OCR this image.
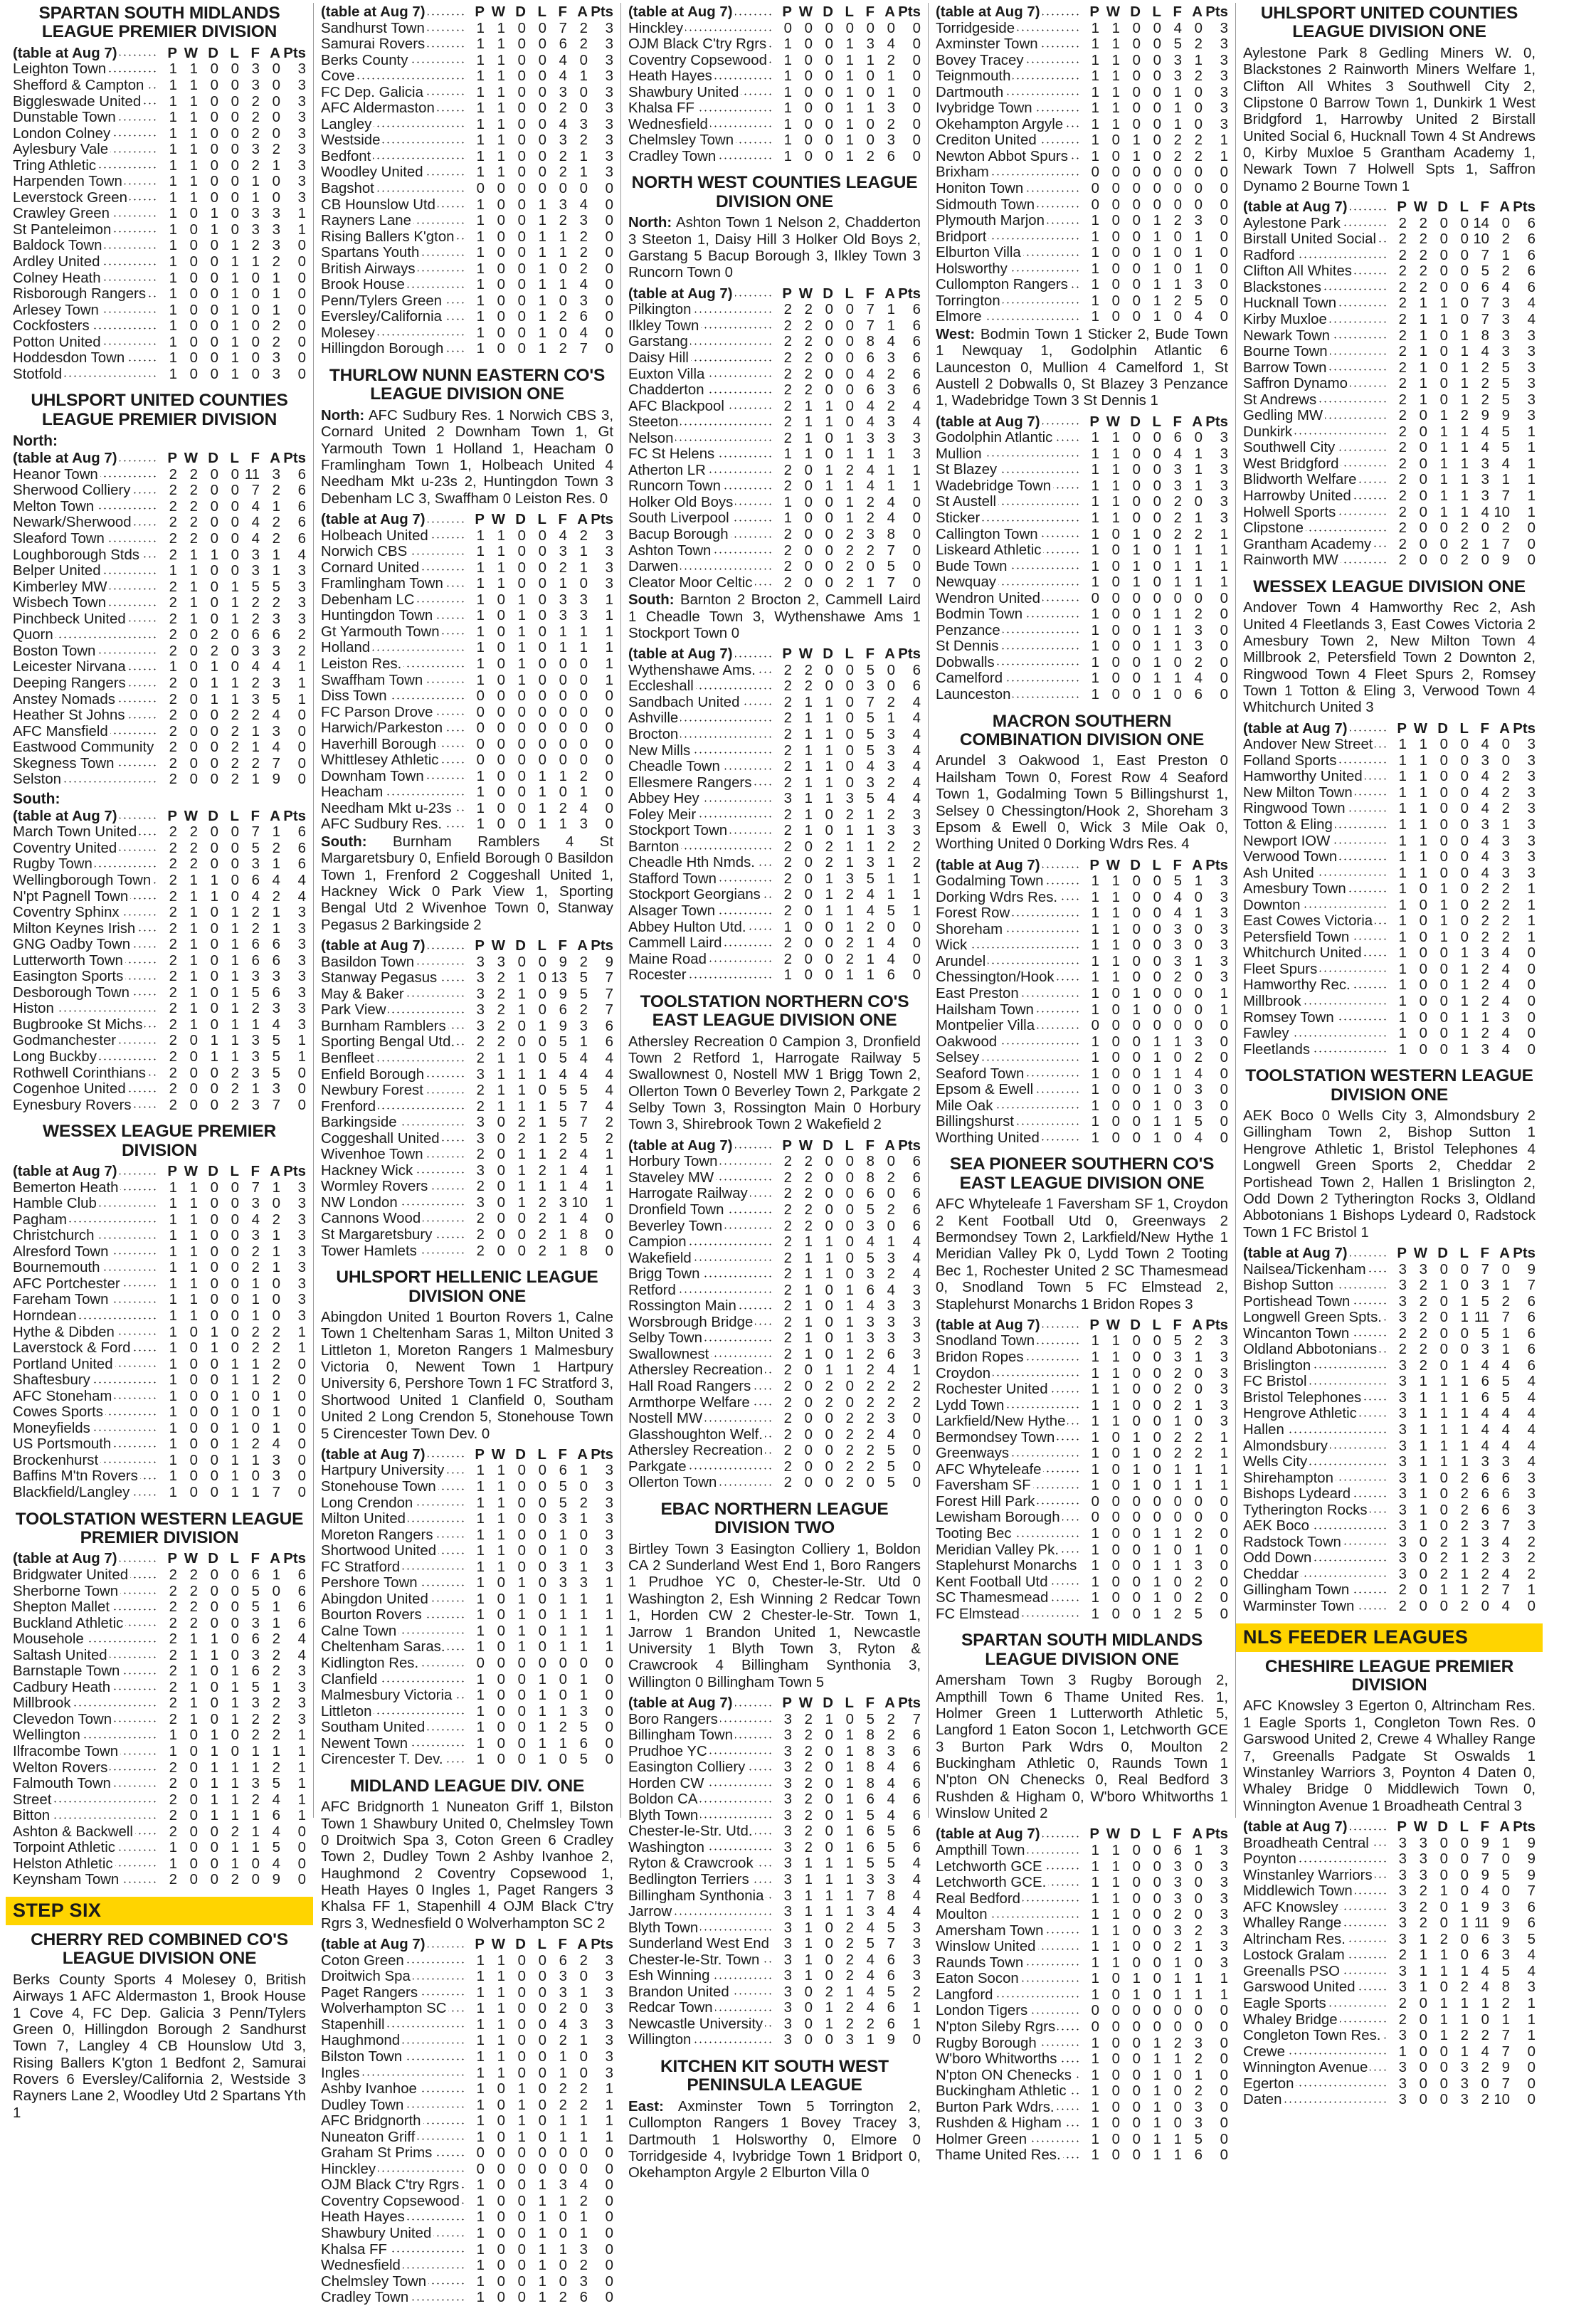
SPARTAN SOUTH MIDLANDS LEAGUE PREMIER DIVISION
(table at Aug 7)	P	W	D	L	F	A	Pts
Leighton Town	1	1	0	0	3	0	3
Shefford & Campton	1	1	0	0	3	0	3
Biggleswade United	1	1	0	0	2	0	3
Dunstable Town	1	1	0	0	2	0	3
London Colney	1	1	0	0	2	0	3
Aylesbury Vale	1	1	0	0	3	2	3
Tring Athletic	1	1	0	0	2	1	3
Harpenden Town	1	1	0	0	1	0	3
Leverstock Green	1	1	0	0	1	0	3
Crawley Green	1	0	1	0	3	3	1
St Panteleimon	1	0	1	0	3	3	1
Baldock Town	1	0	0	1	2	3	0
Ardley United	1	0	0	1	1	2	0
Colney Heath	1	0	0	1	0	1	0
Risborough Rangers	1	0	0	1	0	1	0
Arlesey Town	1	0	0	1	0	1	0
Cockfosters	1	0	0	1	0	2	0
Potton United	1	0	0	1	0	2	0
Hoddesdon Town	1	0	0	1	0	3	0
Stotfold	1	0	0	1	0	3	0
UHLSPORT UNITED COUNTIES LEAGUE PREMIER DIVISION
North:
(table at Aug 7)	P	W	D	L	F	A	Pts
Heanor Town	2	2	0	0	11	3	6
Sherwood Colliery	2	2	0	0	7	2	6
Melton Town	2	2	0	0	4	1	6
Newark/Sherwood	2	2	0	0	4	2	6
Sleaford Town	2	2	0	0	4	2	6
Loughborough Stds	2	1	1	0	3	1	4
Belper United	1	1	0	0	3	1	3
Kimberley MW	2	1	0	1	5	5	3
Wisbech Town	2	1	0	1	2	2	3
Pinchbeck United	2	1	0	1	2	3	3
Quorn	2	0	2	0	6	6	2
Boston Town	2	0	2	0	3	3	2
Leicester Nirvana	1	0	1	0	4	4	1
Deeping Rangers	2	0	1	1	2	3	1
Anstey Nomads	2	0	1	1	3	5	1
Heather St Johns	2	0	0	2	2	4	0
AFC Mansfield	2	0	0	2	1	3	0
Eastwood Community	2	0	0	2	1	4	0
Skegness Town	2	0	0	2	2	7	0
Selston	2	0	0	2	1	9	0
South:
(table at Aug 7)	P	W	D	L	F	A	Pts
March Town United	2	2	0	0	7	1	6
Coventry United	2	2	0	0	5	2	6
Rugby Town	2	2	0	0	3	1	6
Wellingborough Town	2	1	1	0	6	4	4
N'pt Pagnell Town	2	1	1	0	4	2	4
Coventry Sphinx	2	1	0	1	2	1	3
Milton Keynes Irish	2	1	0	1	2	1	3
GNG Oadby Town	2	1	0	1	6	6	3
Lutterworth Town	2	1	0	1	6	6	3
Easington Sports	2	1	0	1	3	3	3
Desborough Town	2	1	0	1	5	6	3
Histon	2	1	0	1	2	3	3
Bugbrooke St Michs	2	1	0	1	1	4	3
Godmanchester	2	0	1	1	3	5	1
Long Buckby	2	0	1	1	3	5	1
Rothwell Corinthians	2	0	0	2	3	5	0
Cogenhoe United	2	0	0	2	1	3	0
Eynesbury Rovers	2	0	0	2	3	7	0
WESSEX LEAGUE PREMIER DIVISION
(table at Aug 7)	P	W	D	L	F	A	Pts
Bemerton Heath	1	1	0	0	7	1	3
Hamble Club	1	1	0	0	3	0	3
Pagham	1	1	0	0	4	2	3
Christchurch	1	1	0	0	3	1	3
Alresford Town	1	1	0	0	2	1	3
Bournemouth	1	1	0	0	2	1	3
AFC Portchester	1	1	0	0	1	0	3
Fareham Town	1	1	0	0	1	0	3
Horndean	1	1	0	0	1	0	3
Hythe & Dibden	1	0	1	0	2	2	1
Laverstock & Ford	1	0	1	0	2	2	1
Portland United	1	0	0	1	1	2	0
Shaftesbury	1	0	0	1	1	2	0
AFC Stoneham	1	0	0	1	0	1	0
Cowes Sports	1	0	0	1	0	1	0
Moneyfields	1	0	0	1	0	1	0
US Portsmouth	1	0	0	1	2	4	0
Brockenhurst	1	0	0	1	1	3	0
Baffins M'tn Rovers	1	0	0	1	0	3	0
Blackfield/Langley	1	0	0	1	1	7	0
TOOLSTATION WESTERN LEAGUE PREMIER DIVISION
(table at Aug 7)	P	W	D	L	F	A	Pts
Bridgwater United	2	2	0	0	6	1	6
Sherborne Town	2	2	0	0	5	0	6
Shepton Mallet	2	2	0	0	5	1	6
Buckland Athletic	2	2	0	0	3	1	6
Mousehole	2	1	1	0	6	2	4
Saltash United	2	1	1	0	3	2	4
Barnstaple Town	2	1	0	1	6	2	3
Cadbury Heath	2	1	0	1	5	1	3
Millbrook	2	1	0	1	3	2	3
Clevedon Town	2	1	0	1	2	2	3
Wellington	1	0	1	0	2	2	1
Ilfracombe Town	1	0	1	0	1	1	1
Welton Rovers	2	0	1	1	1	2	1
Falmouth Town	2	0	1	1	3	5	1
Street	2	0	1	1	2	4	1
Bitton	2	0	1	1	1	6	1
Ashton & Backwell	2	0	0	2	1	4	0
Torpoint Athletic	1	0	0	1	1	5	0
Helston Athletic	1	0	0	1	0	4	0
Keynsham Town	2	0	0	2	0	9	0
STEP SIX
CHERRY RED COMBINED CO'S LEAGUE DIVISION ONE
Berks County Sports 4 Molesey 0, British Airways 1 AFC Aldermaston 1, Brook House 1 Cove 4, FC Dep. Galicia 3 Penn/Tylers Green 0, Hillingdon Borough 2 Sandhurst Town 7, Langley 4 CB Hounslow Utd 3, Rising Ballers K'gton 1 Bedfont 2, Samurai Rovers 6 Eversley/California 2, Westside 3 Rayners Lane 2, Woodley Utd 2 Spartans Yth 1
(table at Aug 7)	P	W	D	L	F	A	Pts
Sandhurst Town	1	1	0	0	7	2	3
Samurai Rovers	1	1	0	0	6	2	3
Berks County	1	1	0	0	4	0	3
Cove	1	1	0	0	4	1	3
FC Dep. Galicia	1	1	0	0	3	0	3
AFC Aldermaston	1	1	0	0	2	0	3
Langley	1	1	0	0	4	3	3
Westside	1	1	0	0	3	2	3
Bedfont	1	1	0	0	2	1	3
Woodley United	1	1	0	0	2	1	3
Bagshot	0	0	0	0	0	0	0
CB Hounslow Utd	1	0	0	1	3	4	0
Rayners Lane	1	0	0	1	2	3	0
Rising Ballers K'gton	1	0	0	1	1	2	0
Spartans Youth	1	0	0	1	1	2	0
British Airways	1	0	0	1	0	2	0
Brook House	1	0	0	1	1	4	0
Penn/Tylers Green	1	0	0	1	0	3	0
Eversley/California	1	0	0	1	2	6	0
Molesey	1	0	0	1	0	4	0
Hillingdon Borough	1	0	0	1	2	7	0
THURLOW NUNN EASTERN CO'S LEAGUE DIVISION ONE
North: AFC Sudbury Res. 1 Norwich CBS 3, Cornard United 2 Downham Town 1, Gt Yarmouth Town 1 Holland 1, Heacham 0 Framlingham Town 1, Holbeach United 4 Needham Mkt u-23s 2, Huntingdon Town 3 Debenham LC 3, Swaffham 0 Leiston Res. 0
(table at Aug 7)	P	W	D	L	F	A	Pts
Holbeach United	1	1	0	0	4	2	3
Norwich CBS	1	1	0	0	3	1	3
Cornard United	1	1	0	0	2	1	3
Framlingham Town	1	1	0	0	1	0	3
Debenham LC	1	0	1	0	3	3	1
Huntingdon Town	1	0	1	0	3	3	1
Gt Yarmouth Town	1	0	1	0	1	1	1
Holland	1	0	1	0	1	1	1
Leiston Res.	1	0	1	0	0	0	1
Swaffham Town	1	0	1	0	0	0	1
Diss Town	0	0	0	0	0	0	0
FC Parson Drove	0	0	0	0	0	0	0
Harwich/Parkeston	0	0	0	0	0	0	0
Haverhill Borough	0	0	0	0	0	0	0
Whittlesey Athletic	0	0	0	0	0	0	0
Downham Town	1	0	0	1	1	2	0
Heacham	1	0	0	1	0	1	0
Needham Mkt u-23s	1	0	0	1	2	4	0
AFC Sudbury Res.	1	0	0	1	1	3	0
South: Burnham Ramblers 4 St Margaretsbury 0, Enfield Borough 0 Basildon Town 1, Frenford 2 Coggeshall United 1, Hackney Wick 0 Park View 1, Sporting Bengal Utd 2 Wivenhoe Town 0, Stanway Pegasus 2 Barkingside 2
(table at Aug 7)	P	W	D	L	F	A	Pts
Basildon Town	3	3	0	0	9	2	9
Stanway Pegasus	3	2	1	0	13	5	7
May & Baker	3	2	1	0	9	5	7
Park View	3	2	1	0	6	2	7
Burnham Ramblers	3	2	0	1	9	3	6
Sporting Bengal Utd.	2	2	0	0	5	1	6
Benfleet	2	1	1	0	5	4	4
Enfield Borough	3	1	1	1	4	4	4
Newbury Forest	2	1	1	0	5	5	4
Frenford	2	1	1	1	5	7	4
Barkingside	3	0	2	1	5	7	2
Coggeshall United	3	0	2	1	2	5	2
Wivenhoe Town	2	0	1	1	2	4	1
Hackney Wick	3	0	1	2	1	4	1
Wormley Rovers	2	0	1	1	1	4	1
NW London	3	0	1	2	3	10	1
Cannons Wood	2	0	0	2	1	4	0
St Margaretsbury	2	0	0	2	1	8	0
Tower Hamlets	2	0	0	2	1	8	0
UHLSPORT HELLENIC LEAGUE DIVISION ONE
Abingdon United 1 Bourton Rovers 1, Calne Town 1 Cheltenham Saras 1, Milton United 3 Littleton 1, Moreton Rangers 1 Malmesbury Victoria 0, Newent Town 1 Hartpury University 6, Pershore Town 1 FC Stratford 3, Shortwood United 1 Clanfield 0, Southam United 2 Long Crendon 5, Stonehouse Town 5 Cirencester Town Dev. 0
(table at Aug 7)	P	W	D	L	F	A	Pts
Hartpury University	1	1	0	0	6	1	3
Stonehouse Town	1	1	0	0	5	0	3
Long Crendon	1	1	0	0	5	2	3
Milton United	1	1	0	0	3	1	3
Moreton Rangers	1	1	0	0	1	0	3
Shortwood United	1	1	0	0	1	0	3
FC Stratford	1	1	0	0	3	1	3
Pershore Town	1	0	1	0	3	3	1
Abingdon United	1	0	1	0	1	1	1
Bourton Rovers	1	0	1	0	1	1	1
Calne Town	1	0	1	0	1	1	1
Cheltenham Saras.	1	0	1	0	1	1	1
Kidlington Res.	0	0	0	0	0	0	0
Clanfield	1	0	0	1	0	1	0
Malmesbury Victoria	1	0	0	1	0	1	0
Littleton	1	0	0	1	1	3	0
Southam United	1	0	0	1	2	5	0
Newent Town	1	0	0	1	1	6	0
Cirencester T. Dev.	1	0	0	1	0	5	0
MIDLAND LEAGUE DIV. ONE
AFC Bridgnorth 1 Nuneaton Griff 1, Bilston Town 1 Shawbury United 0, Chelmsley Town 0 Droitwich Spa 3, Coton Green 6 Cradley Town 2, Dudley Town 2 Ashby Ivanhoe 2, Haughmond 2 Coventry Copsewood 1, Heath Hayes 0 Ingles 1, Paget Rangers 3 Khalsa FF 1, Stapenhill 4 OJM Black C'try Rgrs 3, Wednesfield 0 Wolverhampton SC 2
(table at Aug 7)	P	W	D	L	F	A	Pts
Coton Green	1	1	0	0	6	2	3
Droitwich Spa	1	1	0	0	3	0	3
Paget Rangers	1	1	0	0	3	1	3
Wolverhampton SC	1	1	0	0	2	0	3
Stapenhill	1	1	0	0	4	3	3
Haughmond	1	1	0	0	2	1	3
Bilston Town	1	1	0	0	1	0	3
Ingles	1	1	0	0	1	0	3
Ashby Ivanhoe	1	0	1	0	2	2	1
Dudley Town	1	0	1	0	2	2	1
AFC Bridgnorth	1	0	1	0	1	1	1
Nuneaton Griff	1	0	1	0	1	1	1
Graham St Prims	0	0	0	0	0	0	0
Hinckley	0	0	0	0	0	0	0
OJM Black C'try Rgrs	1	0	0	1	3	4	0
Coventry Copsewood	1	0	0	1	1	2	0
Heath Hayes	1	0	0	1	0	1	0
Shawbury United	1	0	0	1	0	1	0
Khalsa FF	1	0	0	1	1	3	0
Wednesfield	1	0	0	1	0	2	0
Chelmsley Town	1	0	0	1	0	3	0
Cradley Town	1	0	0	1	2	6	0
(table at Aug 7)	P	W	D	L	F	A	Pts
Hinckley	0	0	0	0	0	0	0
OJM Black C'try Rgrs	1	0	0	1	3	4	0
Coventry Copsewood	1	0	0	1	1	2	0
Heath Hayes	1	0	0	1	0	1	0
Shawbury United	1	0	0	1	0	1	0
Khalsa FF	1	0	0	1	1	3	0
Wednesfield	1	0	0	1	0	2	0
Chelmsley Town	1	0	0	1	0	3	0
Cradley Town	1	0	0	1	2	6	0
NORTH WEST COUNTIES LEAGUE DIVISION ONE
North: Ashton Town 1 Nelson 2, Chadderton 3 Steeton 1, Daisy Hill 3 Holker Old Boys 2, Garstang 5 Bacup Borough 3, Ilkley Town 3 Runcorn Town 0
(table at Aug 7)	P	W	D	L	F	A	Pts
Pilkington	2	2	0	0	7	1	6
Ilkley Town	2	2	0	0	7	1	6
Garstang	2	2	0	0	8	4	6
Daisy Hill	2	2	0	0	6	3	6
Euxton Villa	2	2	0	0	4	2	6
Chadderton	2	2	0	0	6	3	6
AFC Blackpool	2	1	1	0	4	2	4
Steeton	2	1	1	0	4	3	4
Nelson	2	1	0	1	3	3	3
FC St Helens	1	1	0	1	1	1	3
Atherton LR	2	0	1	2	4	1	1
Runcorn Town	2	0	1	1	4	1	1
Holker Old Boys	1	0	0	1	2	4	0
South Liverpool	1	0	0	1	2	4	0
Bacup Borough	2	0	0	2	3	8	0
Ashton Town	2	0	0	2	2	7	0
Darwen	2	0	0	2	0	5	0
Cleator Moor Celtic	2	0	0	2	1	7	0
South: Barnton 2 Brocton 2, Cammell Laird 1 Cheadle Town 3, Wythenshawe Ams 1 Stockport Town 0
(table at Aug 7)	P	W	D	L	F	A	Pts
Wythenshawe Ams.	2	2	0	0	5	0	6
Eccleshall	2	2	0	0	3	0	6
Sandbach United	2	1	1	0	7	2	4
Ashville	2	1	1	0	5	1	4
Brocton	2	1	1	0	5	3	4
New Mills	2	1	1	0	5	3	4
Cheadle Town	2	1	1	0	4	3	4
Ellesmere Rangers	2	1	1	0	3	2	4
Abbey Hey	3	1	1	3	5	4	4
Foley Meir	2	1	0	2	1	2	3
Stockport Town	2	1	0	1	1	3	3
Barnton	2	0	2	1	1	2	2
Cheadle Hth Nmds.	2	0	2	1	3	1	2
Stafford Town	2	0	1	3	5	1	1
Stockport Georgians	2	0	1	2	4	1	1
Alsager Town	2	0	1	1	4	5	1
Abbey Hulton Utd.	1	0	0	1	2	0	0
Cammell Laird	2	0	0	2	1	4	0
Maine Road	2	0	0	2	1	4	0
Rocester	1	0	0	1	1	6	0
TOOLSTATION NORTHERN CO'S EAST LEAGUE DIVISION ONE
Athersley Recreation 0 Campion 3, Dronfield Town 2 Retford 1, Harrogate Railway 5 Swallownest 0, Nostell MW 1 Brigg Town 2, Ollerton Town 0 Beverley Town 2, Parkgate 2 Selby Town 3, Rossington Main 0 Horbury Town 3, Shirebrook Town 2 Wakefield 2
(table at Aug 7)	P	W	D	L	F	A	Pts
Horbury Town	2	2	0	0	8	0	6
Staveley MW	2	2	0	0	8	2	6
Harrogate Railway	2	2	0	0	6	0	6
Dronfield Town	2	2	0	0	5	2	6
Beverley Town	2	2	0	0	3	0	6
Campion	2	1	1	0	4	1	4
Wakefield	2	1	1	0	5	3	4
Brigg Town	2	1	1	0	3	2	4
Retford	2	1	0	1	6	4	3
Rossington Main	2	1	0	1	4	3	3
Worsbrough Bridge	2	1	0	1	3	3	3
Selby Town	2	1	0	1	3	3	3
Swallownest	2	1	0	1	2	6	3
Athersley Recreation	2	0	1	1	2	4	1
Hall Road Rangers	2	0	2	0	2	2	2
Armthorpe Welfare	2	0	2	0	2	2	2
Nostell MW	2	0	0	2	2	3	0
Glasshoughton Welf.	2	0	0	2	2	4	0
Athersley Recreation	2	0	0	2	2	5	0
Parkgate	2	0	0	2	2	5	0
Ollerton Town	2	0	0	2	0	5	0
EBAC NORTHERN LEAGUE DIVISION TWO
Birtley Town 3 Easington Colliery 1, Boldon CA 2 Sunderland West End 1, Boro Rangers 1 Prudhoe YC 0, Chester-le-Str. Utd 0 Washington 2, Esh Winning 2 Redcar Town 1, Horden CW 2 Chester-le-Str. Town 1, Jarrow 1 Brandon United 1, Newcastle University 1 Blyth Town 3, Ryton & Crawcrook 4 Billingham Synthonia 3, Willington 0 Billingham Town 5
(table at Aug 7)	P	W	D	L	F	A	Pts
Boro Rangers	3	2	1	0	5	2	7
Billingham Town	3	2	0	1	8	2	6
Prudhoe YC	3	2	0	1	8	3	6
Easington Colliery	3	2	0	1	8	4	6
Horden CW	3	2	0	1	8	4	6
Boldon CA	3	2	0	1	6	4	6
Blyth Town	3	2	0	1	5	4	6
Chester-le-Str. Utd.	3	2	0	1	6	5	6
Washington	3	2	0	1	6	5	6
Ryton & Crawcrook	3	1	1	1	5	5	4
Bedlington Terriers	3	1	1	1	3	3	4
Billingham Synthonia	3	1	1	1	7	8	4
Jarrow	3	1	1	1	3	4	4
Blyth Town	3	1	0	2	4	5	3
Sunderland West End	3	1	0	2	5	7	3
Chester-le-Str. Town	3	1	0	2	4	6	3
Esh Winning	3	1	0	2	4	6	3
Brandon United	3	0	2	1	4	5	2
Redcar Town	3	0	1	2	4	6	1
Newcastle University	3	0	1	2	2	6	1
Willington	3	0	0	3	1	9	0
KITCHEN KIT SOUTH WEST PENINSULA LEAGUE
East: Axminster Town 5 Torrington 2, Cullompton Rangers 1 Bovey Tracey 3, Dartmouth 1 Holsworthy 0, Elmore 0 Torridgeside 4, Ivybridge Town 1 Bridport 0, Okehampton Argyle 2 Elburton Villa 0
(table at Aug 7)	P	W	D	L	F	A	Pts
Torridgeside	1	1	0	0	4	0	3
Axminster Town	1	1	0	0	5	2	3
Bovey Tracey	1	1	0	0	3	1	3
Teignmouth	1	1	0	0	3	2	3
Dartmouth	1	1	0	0	1	0	3
Ivybridge Town	1	1	0	0	1	0	3
Okehampton Argyle	1	1	0	0	1	0	3
Crediton United	1	0	1	0	2	2	1
Newton Abbot Spurs	1	0	1	0	2	2	1
Brixham	0	0	0	0	0	0	0
Honiton Town	0	0	0	0	0	0	0
Sidmouth Town	0	0	0	0	0	0	0
Plymouth Marjon	1	0	0	1	2	3	0
Bridport	1	0	0	1	0	1	0
Elburton Villa	1	0	0	1	0	1	0
Holsworthy	1	0	0	1	0	1	0
Cullompton Rangers	1	0	0	1	1	3	0
Torrington	1	0	0	1	2	5	0
Elmore	1	0	0	1	0	4	0
West: Bodmin Town 1 Sticker 2, Bude Town 1 Newquay 1, Godolphin Atlantic 6 Launceston 0, Mullion 4 Camelford 1, St Austell 2 Dobwalls 0, St Blazey 3 Penzance 1, Wadebridge Town 3 St Dennis 1
(table at Aug 7)	P	W	D	L	F	A	Pts
Godolphin Atlantic	1	1	0	0	6	0	3
Mullion	1	1	0	0	4	1	3
St Blazey	1	1	0	0	3	1	3
Wadebridge Town	1	1	0	0	3	1	3
St Austell	1	1	0	0	2	0	3
Sticker	1	1	0	0	2	1	3
Callington Town	1	0	1	0	2	2	1
Liskeard Athletic	1	0	1	0	1	1	1
Bude Town	1	0	1	0	1	1	1
Newquay	1	0	1	0	1	1	1
Wendron United	0	0	0	0	0	0	0
Bodmin Town	1	0	0	1	1	2	0
Penzance	1	0	0	1	1	3	0
St Dennis	1	0	0	1	1	3	0
Dobwalls	1	0	0	1	0	2	0
Camelford	1	0	0	1	1	4	0
Launceston	1	0	0	1	0	6	0
MACRON SOUTHERN COMBINATION DIVISION ONE
Arundel 3 Oakwood 1, East Preston 0 Hailsham Town 0, Forest Row 4 Seaford Town 1, Godalming Town 5 Billingshurst 1, Selsey 0 Chessington/Hook 2, Shoreham 3 Epsom & Ewell 0, Wick 3 Mile Oak 0, Worthing United 0 Dorking Wdrs Res. 4
(table at Aug 7)	P	W	D	L	F	A	Pts
Godalming Town	1	1	0	0	5	1	3
Dorking Wdrs Res.	1	1	0	0	4	0	3
Forest Row	1	1	0	0	4	1	3
Shoreham	1	1	0	0	3	0	3
Wick	1	1	0	0	3	0	3
Arundel	1	1	0	0	3	1	3
Chessington/Hook	1	1	0	0	2	0	3
East Preston	1	0	1	0	0	0	1
Hailsham Town	1	0	1	0	0	0	1
Montpelier Villa	0	0	0	0	0	0	0
Oakwood	1	0	0	1	1	3	0
Selsey	1	0	0	1	0	2	0
Seaford Town	1	0	0	1	1	4	0
Epsom & Ewell	1	0	0	1	0	3	0
Mile Oak	1	0	0	1	0	3	0
Billingshurst	1	0	0	1	1	5	0
Worthing United	1	0	0	1	0	4	0
SEA PIONEER SOUTHERN CO'S EAST LEAGUE DIVISION ONE
AFC Whyteleafe 1 Faversham SF 1, Croydon 2 Kent Football Utd 0, Greenways 2 Bermondsey Town 2, Larkfield/New Hythe 1 Meridian Valley Pk 0, Lydd Town 2 Tooting Bec 1, Rochester United 2 SC Thamesmead 0, Snodland Town 5 FC Elmstead 2, Staplehurst Monarchs 1 Bridon Ropes 3
(table at Aug 7)	P	W	D	L	F	A	Pts
Snodland Town	1	1	0	0	5	2	3
Bridon Ropes	1	1	0	0	3	1	3
Croydon	1	1	0	0	2	0	3
Rochester United	1	1	0	0	2	0	3
Lydd Town	1	1	0	0	2	1	3
Larkfield/New Hythe	1	1	0	0	1	0	3
Bermondsey Town	1	0	1	0	2	2	1
Greenways	1	0	1	0	2	2	1
AFC Whyteleafe	1	0	1	0	1	1	1
Faversham SF	1	0	1	0	1	1	1
Forest Hill Park	0	0	0	0	0	0	0
Lewisham Borough	0	0	0	0	0	0	0
Tooting Bec	1	0	0	1	1	2	0
Meridian Valley Pk.	1	0	0	1	0	1	0
Staplehurst Monarchs	1	0	0	1	1	3	0
Kent Football Utd	1	0	0	1	0	2	0
SC Thamesmead	1	0	0	1	0	2	0
FC Elmstead	1	0	0	1	2	5	0
SPARTAN SOUTH MIDLANDS LEAGUE DIVISION ONE
Amersham Town 3 Rugby Borough 2, Ampthill Town 6 Thame United Res. 1, Holmer Green 1 Lutterworth Athletic 5, Langford 1 Eaton Socon 1, Letchworth GCE 3 Burton Park Wdrs 0, Moulton 2 Buckingham Athletic 0, Raunds Town 1 N'pton ON Chenecks 0, Real Bedford 3 Rushden & Higham 0, W'boro Whitworths 1 Winslow United 2
(table at Aug 7)	P	W	D	L	F	A	Pts
Ampthill Town	1	1	0	0	6	1	3
Letchworth GCE	1	1	0	0	3	0	3
Letchworth GCE.	1	1	0	0	3	0	3
Real Bedford	1	1	0	0	3	0	3
Moulton	1	1	0	0	2	0	3
Amersham Town	1	1	0	0	3	2	3
Winslow United	1	1	0	0	2	1	3
Raunds Town	1	1	0	0	1	0	3
Eaton Socon	1	0	1	0	1	1	1
Langford	1	0	1	0	1	1	1
London Tigers	0	0	0	0	0	0	0
N'pton Sileby Rgrs	0	0	0	0	0	0	0
Rugby Borough	1	0	0	1	2	3	0
W'boro Whitworths	1	0	0	1	1	2	0
N'pton ON Chenecks	1	0	0	1	0	1	0
Buckingham Athletic	1	0	0	1	0	2	0
Burton Park Wdrs.	1	0	0	1	0	3	0
Rushden & Higham	1	0	0	1	0	3	0
Holmer Green	1	0	0	1	1	5	0
Thame United Res.	1	0	0	1	1	6	0
UHLSPORT UNITED COUNTIES LEAGUE DIVISION ONE
Aylestone Park 8 Gedling Miners W. 0, Blackstones 2 Rainworth Miners Welfare 1, Clifton All Whites 3 Southwell City 2, Clipstone 0 Barrow Town 1, Dunkirk 1 West Bridgford 1, Harrowby United 2 Birstall United Social 6, Hucknall Town 4 St Andrews 0, Kirby Muxloe 5 Grantham Academy 1, Newark Town 7 Holwell Spts 1, Saffron Dynamo 2 Bourne Town 1
(table at Aug 7)	P	W	D	L	F	A	Pts
Aylestone Park	2	2	0	0	14	0	6
Birstall United Social	2	2	0	0	10	2	6
Radford	2	2	0	0	7	1	6
Clifton All Whites	2	2	0	0	5	2	6
Blackstones	2	2	0	0	6	4	6
Hucknall Town	2	1	1	0	7	3	4
Kirby Muxloe	2	1	1	0	7	3	4
Newark Town	2	1	0	1	8	3	3
Bourne Town	2	1	0	1	4	3	3
Barrow Town	2	1	0	1	2	5	3
Saffron Dynamo	2	1	0	1	2	5	3
St Andrews	2	1	0	1	2	5	3
Gedling MW	2	0	1	2	9	9	3
Dunkirk	2	0	1	1	4	5	1
Southwell City	2	0	1	1	4	5	1
West Bridgford	2	0	1	1	3	4	1
Blidworth Welfare	2	0	1	1	3	1	1
Harrowby United	2	0	1	1	3	7	1
Holwell Sports	2	0	1	1	4	10	1
Clipstone	2	0	0	2	0	2	0
Grantham Academy	2	0	0	2	1	7	0
Rainworth MW	2	0	0	2	0	9	0
WESSEX LEAGUE DIVISION ONE
Andover Town 4 Hamworthy Rec 2, Ash United 4 Fleetlands 3, East Cowes Victoria 2 Amesbury Town 2, New Milton Town 4 Millbrook 2, Petersfield Town 2 Downton 2, Ringwood Town 4 Fleet Spurs 2, Romsey Town 1 Totton & Eling 3, Verwood Town 4 Whitchurch United 3
(table at Aug 7)	P	W	D	L	F	A	Pts
Andover New Street	1	1	0	0	4	0	3
Folland Sports	1	1	0	0	3	0	3
Hamworthy United	1	1	0	0	4	2	3
New Milton Town	1	1	0	0	4	2	3
Ringwood Town	1	1	0	0	4	2	3
Totton & Eling	1	1	0	0	3	1	3
Newport IOW	1	1	0	0	4	3	3
Verwood Town	1	1	0	0	4	3	3
Ash United	1	1	0	0	4	3	3
Amesbury Town	1	0	1	0	2	2	1
Downton	1	0	1	0	2	2	1
East Cowes Victoria	1	0	1	0	2	2	1
Petersfield Town	1	0	1	0	2	2	1
Whitchurch United	1	0	0	1	3	4	0
Fleet Spurs	1	0	0	1	2	4	0
Hamworthy Rec.	1	0	0	1	2	4	0
Millbrook	1	0	0	1	2	4	0
Romsey Town	1	0	0	1	1	3	0
Fawley	1	0	0	1	2	4	0
Fleetlands	1	0	0	1	3	4	0
TOOLSTATION WESTERN LEAGUE DIVISION ONE
AEK Boco 0 Wells City 3, Almondsbury 2 Gillingham Town 2, Bishop Sutton 1 Hengrove Athletic 1, Bristol Telephones 4 Longwell Green Sports 2, Cheddar 2 Portishead Town 2, Hallen 1 Brislington 2, Odd Down 2 Tytherington Rocks 3, Oldland Abbotonians 1 Bishops Lydeard 0, Radstock Town 1 FC Bristol 1
(table at Aug 7)	P	W	D	L	F	A	Pts
Nailsea/Tickenham	3	3	0	0	7	0	9
Bishop Sutton	3	2	1	0	3	1	7
Portishead Town	3	2	0	1	5	2	6
Longwell Green Spts.	3	2	0	1	11	7	6
Wincanton Town	2	2	0	0	5	1	6
Oldland Abbotonians	2	2	0	0	3	1	6
Brislington	3	2	0	1	4	4	6
FC Bristol	3	1	1	1	6	5	4
Bristol Telephones	3	1	1	1	6	5	4
Hengrove Athletic	3	1	1	1	4	4	4
Hallen	3	1	1	1	4	4	4
Almondsbury	3	1	1	1	4	4	4
Wells City	3	1	1	1	3	3	4
Shirehampton	3	1	0	2	6	6	3
Bishops Lydeard	3	1	0	2	6	6	3
Tytherington Rocks	3	1	0	2	6	6	3
AEK Boco	3	1	0	2	3	7	3
Radstock Town	3	0	2	1	3	4	2
Odd Down	3	0	2	1	2	3	2
Cheddar	3	0	2	1	2	4	2
Gillingham Town	2	0	1	1	2	7	1
Warminster Town	2	0	0	2	0	4	0
NLS FEEDER LEAGUES
CHESHIRE LEAGUE PREMIER DIVISION
AFC Knowsley 3 Egerton 0, Altrincham Res. 1 Eagle Sports 1, Congleton Town Res. 0 Garswood United 2, Crewe 4 Whalley Range 7, Greenalls Padgate St Oswalds 1 Winstanley Warriors 3, Poynton 4 Daten 0, Whaley Bridge 0 Middlewich Town 0, Winnington Avenue 1 Broadheath Central 3
(table at Aug 7)	P	W	D	L	F	A	Pts
Broadheath Central	3	3	0	0	9	1	9
Poynton	3	3	0	0	7	0	9
Winstanley Warriors	3	3	0	0	9	5	9
Middlewich Town	3	2	1	0	4	0	7
AFC Knowsley	3	2	0	1	9	3	6
Whalley Range	3	2	0	1	11	9	6
Altrincham Res.	3	1	2	0	6	3	5
Lostock Gralam	2	1	1	0	6	3	4
Greenalls PSO	3	1	1	1	4	5	4
Garswood United	3	1	0	2	4	8	3
Eagle Sports	2	0	1	1	1	2	1
Whaley Bridge	2	0	1	1	0	1	1
Congleton Town Res.	3	0	1	2	2	7	1
Crewe	1	0	0	1	4	7	0
Winnington Avenue	3	0	0	3	2	9	0
Egerton	3	0	0	3	0	7	0
Daten	3	0	0	3	2	10	0
